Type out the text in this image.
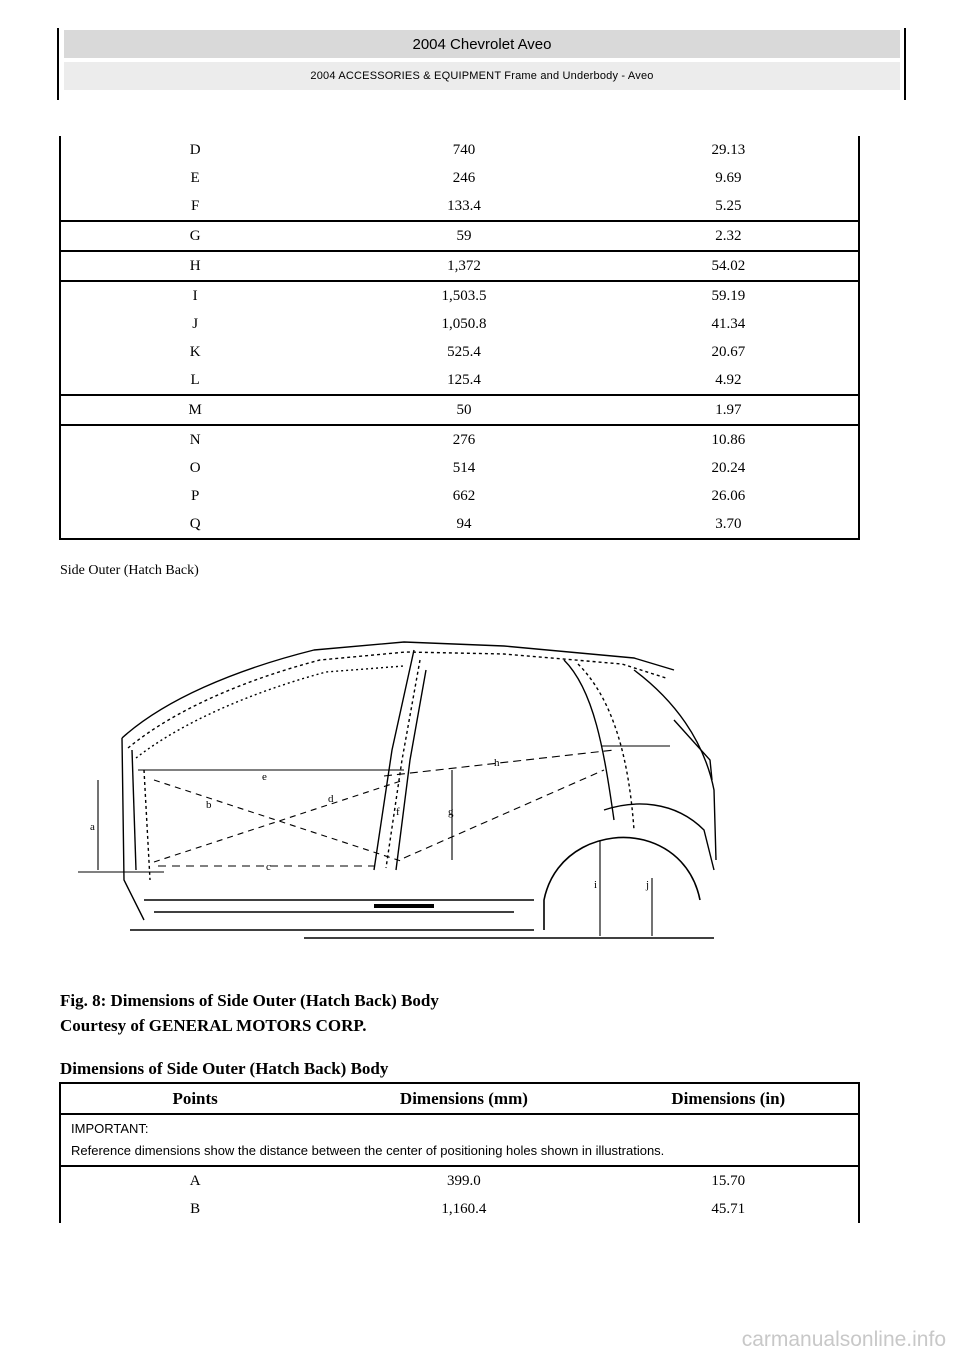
2004 Chevrolet Aveo
2004 ACCESSORIES & EQUIPMENT Frame and Underbody - Aveo
D	740	29.13
E	246	9.69
F	133.4	5.25
G	59	2.32
H	1,372	54.02
I	1,503.5	59.19
J	1,050.8	41.34
K	525.4	20.67
L	125.4	4.92
M	50	1.97
N	276	10.86
O	514	20.24
P	662	26.06
Q	94	3.70
Side Outer (Hatch Back)
a
b
c
d
e
f	g
h
i	j
Fig. 8: Dimensions of Side Outer (Hatch Back) Body
Courtesy of GENERAL MOTORS CORP.
Dimensions of Side Outer (Hatch Back) Body
Points	Dimensions (mm)	Dimensions (in)

IMPORTANT:
Reference dimensions show the distance between the center of positioning holes shown in illustrations.		
A	399.0	15.70
B	1,160.4	45.71
carmanualsonline.info
